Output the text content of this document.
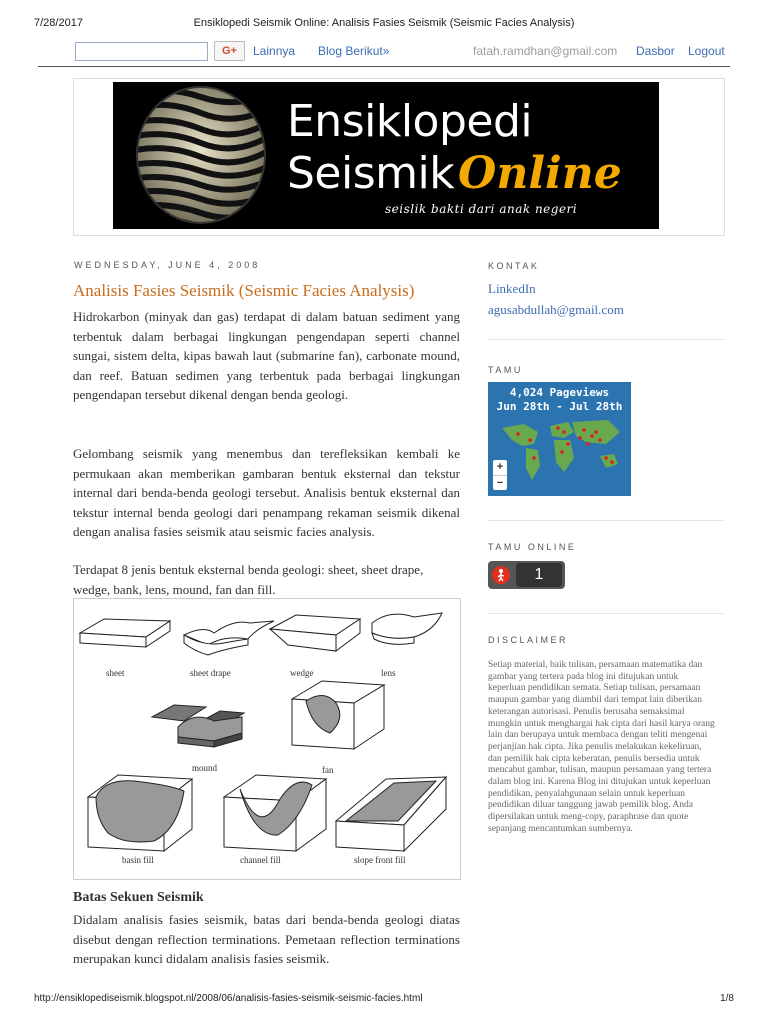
7/28/2017	Ensiklopedi Seismik Online: Analisis Fasies Seismik (Seismic Facies Analysis)
G+	Lainnya Blog Berikut»	fatah.ramdhan@gmail.com Dasbor Logout
Ensiklopedi
Seismik Online
seislik bakti dari anak negeri
WEDNESDAY, JUNE 4, 2008
Analisis Fasies Seismik (Seismic Facies Analysis)
Hidrokarbon (minyak dan gas) terdapat di dalam batuan sediment yang terbentuk dalam berbagai lingkungan pengendapan seperti channel sungai, sistem delta, kipas bawah laut (submarine fan), carbonate mound, dan reef. Batuan sedimen yang terbentuk pada berbagai lingkungan pengendapan tersebut dikenal dengan benda geologi.
Gelombang seismik yang menembus dan terefleksikan kembali ke permukaan akan memberikan gambaran bentuk eksternal dan tekstur internal dari benda-benda geologi tersebut. Analisis bentuk eksternal dan tekstur internal benda geologi dari penampang rekaman seismik dikenal dengan analisa fasies seismik atau seismic facies analysis.
Terdapat 8 jenis bentuk eksternal benda geologi: sheet, sheet drape, wedge, bank, lens, mound, fan dan fill.
sheet	sheet drape	wedge	lens
mound	fan
basin fill	channel fill	slope front fill
Batas Sekuen Seismik
Didalam analisis fasies seismik, batas dari benda-benda geologi diatas disebut dengan reflection terminations. Pemetaan reflection terminations merupakan kunci didalam analisis fasies seismik.
KONTAK
LinkedIn
agusabdullah@gmail.com
TAMU
4,024 Pageviews
Jun 28th - Jul 28th
+
−
TAMU ONLINE
1
DISCLAIMER
Setiap material, baik tulisan, persamaan matematika dan gambar yang tertera pada blog ini ditujukan untuk keperluan pendidikan semata. Setiap tulisan, persamaan maupun gambar yang diambil dari tempat lain diberikan keterangan autorisasi. Penulis berusaha semaksimal mungkin untuk menghargai hak cipta dari hasil karya orang lain dan berupaya untuk membaca dengan teliti mengenai perjanjian hak cipta. Jika penulis melakukan kekeliruan, dan pemilik hak cipta keberatan, penulis bersedia untuk mencabut gambar, tulisan, maupun persamaan yang tertera dalam blog ini. Karena Blog ini ditujukan untuk keperluan pendidikan, penyalahgunaan selain untuk keperluan pendidikan diluar tanggung jawab pemilik blog. Anda dipersilakan untuk meng-copy, paraphrase dan quote sepanjang mencantumkan sumbernya.
http://ensiklopediseismik.blogspot.nl/2008/06/analisis-fasies-seismik-seismic-facies.html	1/8
